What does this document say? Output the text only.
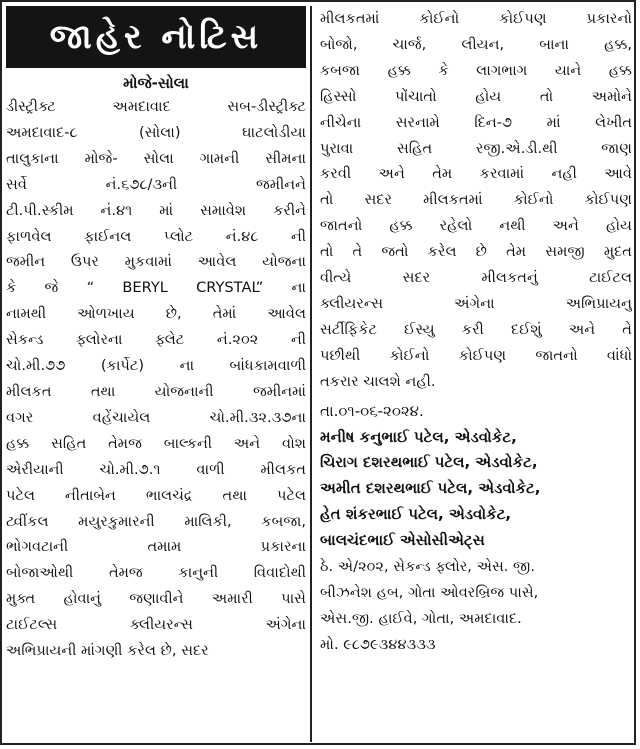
જાહેર નોટિસ
મોજે-સોલા
ડીસ્ટ્રીક્ટ અમદાવાદ સબ-ડીસ્ટ્રીક્ટ
અમદાવાદ-૮ (સોલા) ઘાટલોડીયા
તાલુકાના મોજે- સોલા ગામની સીમના
સર્વે નં.૬૭૮/૩ની જમીનને
ટી.પી.સ્કીમ નં.૪૧ માં સમાવેશ કરીને
ફાળવેલ ફાઈનલ પ્લોટ નં.૪૮ ની
જમીન ઉપર મુકવામાં આવેલ યોજના
કે જે “ BERYL CRYSTAL” ના
નામથી ઓળખાય છે, તેમાં આવેલ
સેકન્ડ ફ્લોરના ફ્લેટ નં.૨૦૨ ની
ચો.મી.૭૭ (કાર્પેટ) ના બાંધકામવાળી
મીલકત તથા યોજનાની જમીનમાં
વગર વહેંચાયેલ ચો.મી.૩૨.૩૭ના
હક્ક સહિત તેમજ બાલ્કની અને વોશ
એરીયાની ચો.મી.૭.૧ વાળી મીલકત
પટેલ નીતાબેન ભાલચંદ્ર તથા પટેલ
ટ્વીંકલ મયુરકુમારની માલિકી, કબજા,
ભોગવટાની તમામ પ્રકારના
બોજાઓથી તેમજ કાનુની વિવાદોથી
મુક્ત હોવાનું જણાવીને અમારી પાસે
ટાઈટલ્સ ક્લીયરન્સ અંગેના
અભિપ્રાયની માંગણી કરેલ છે, સદર
મીલકતમાં કોઈનો કોઈપણ પ્રકારનો
બોજો, ચાર્જ, લીયન, બાના હક્ક,
કબજા હક્ક કે લાગભાગ યાને હક્ક
હિસ્સો પોંચાતો હોય તો અમોને
નીચેના સરનામે દિન-૭ માં લેખીત
પુરાવા સહિત રજી.એ.ડી.થી જાણ
કરવી અને તેમ કરવામાં નહી આવે
તો સદર મીલકતમાં કોઈનો કોઈપણ
જાતનો હક્ક રહેલો નથી અને હોય
તો તે જતો કરેલ છે તેમ સમજી મુદત
વીત્યે સદર મીલકતનું ટાઈટલ
ક્લીયરન્સ અંગેના અભિપ્રાયનુ
સર્ટીફિકેટ ઈસ્યુ કરી દઈશું અને તે
પછીથી કોઈનો કોઈપણ જાતનો વાંધો
તકરાર ચાલશે નહી.
તા.૦૧-૦૬-૨૦૨૪.
મનીષ કનુભાઈ પટેલ, એડવોકેટ,
ચિરાગ દશરથભાઈ પટેલ, એડવોકેટ,
અમીત દશરથભાઈ પટેલ, એડવોકેટ,
હેત શંકરભાઈ પટેલ, એડવોકેટ,
બાલચંદભાઈ એસોસીએટ્સ
ઠે. એ/૨૦૨, સેકન્ડ ફ્લોર, એસ. જી.
બીઝનેશ હબ, ગોતા ઓવરબ્રિજ પાસે,
એસ.જી. હાઈવે, ગોતા, અમદાવાદ.
મો. ૯૮૭૯૩૪૪૩૩૩
